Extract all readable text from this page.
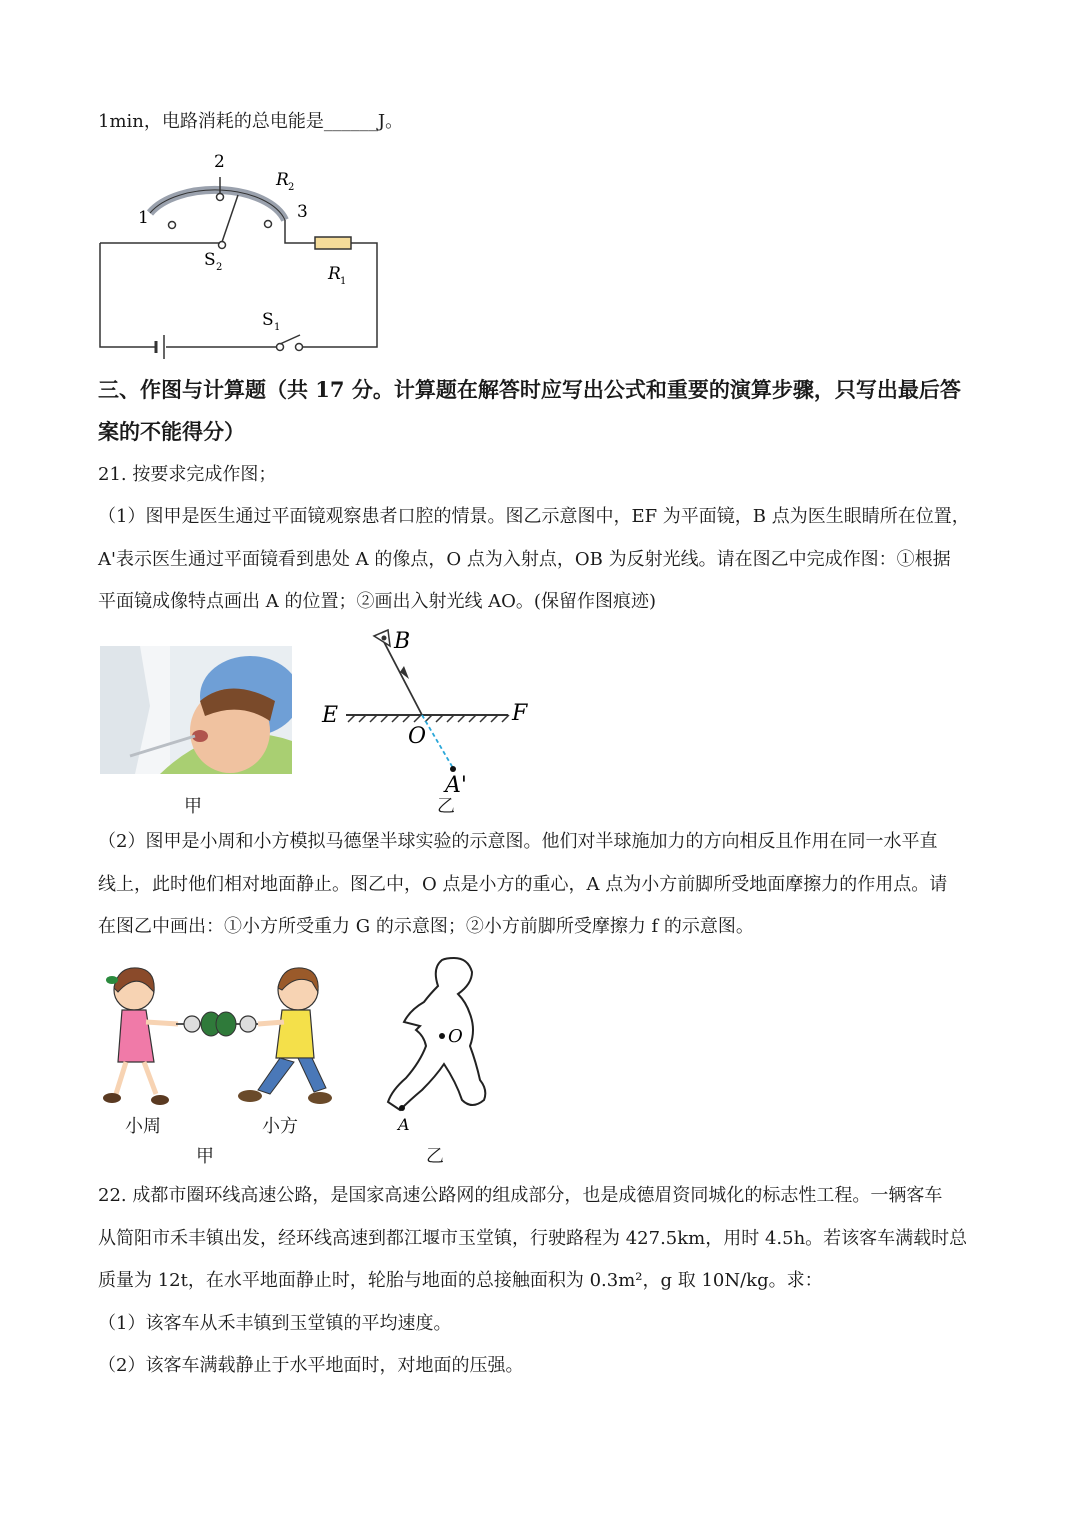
1min，电路消耗的总电能是______J。
1
2
3
R 2
R 1
S 2
S 1
三、作图与计算题（共 17 分。计算题在解答时应写出公式和重要的演算步骤，只写出最后答
案的不能得分）
21. 按要求完成作图；
（1）图甲是医生通过平面镜观察患者口腔的情景。图乙示意图中，EF 为平面镜，B 点为医生眼睛所在位置，
A'表示医生通过平面镜看到患处 A 的像点，O 点为入射点，OB 为反射光线。请在图乙中完成作图：①根据
平面镜成像特点画出 A 的位置；②画出入射光线 AO。(保留作图痕迹)
甲
E	F
O
B
A'
乙
（2）图甲是小周和小方模拟马德堡半球实验的示意图。他们对半球施加力的方向相反且作用在同一水平直
线上，此时他们相对地面静止。图乙中，O 点是小方的重心，A 点为小方前脚所受地面摩擦力的作用点。请
在图乙中画出：①小方所受重力 G 的示意图；②小方前脚所受摩擦力 f 的示意图。
小周	小方
甲
O
A
乙
22. 成都市圈环线高速公路，是国家高速公路网的组成部分，也是成德眉资同城化的标志性工程。一辆客车
从简阳市禾丰镇出发，经环线高速到都江堰市玉堂镇，行驶路程为 427.5km，用时 4.5h。若该客车满载时总
质量为 12t，在水平地面静止时，轮胎与地面的总接触面积为 0.3m²，g 取 10N/kg。求：
（1）该客车从禾丰镇到玉堂镇的平均速度。
（2）该客车满载静止于水平地面时，对地面的压强。
